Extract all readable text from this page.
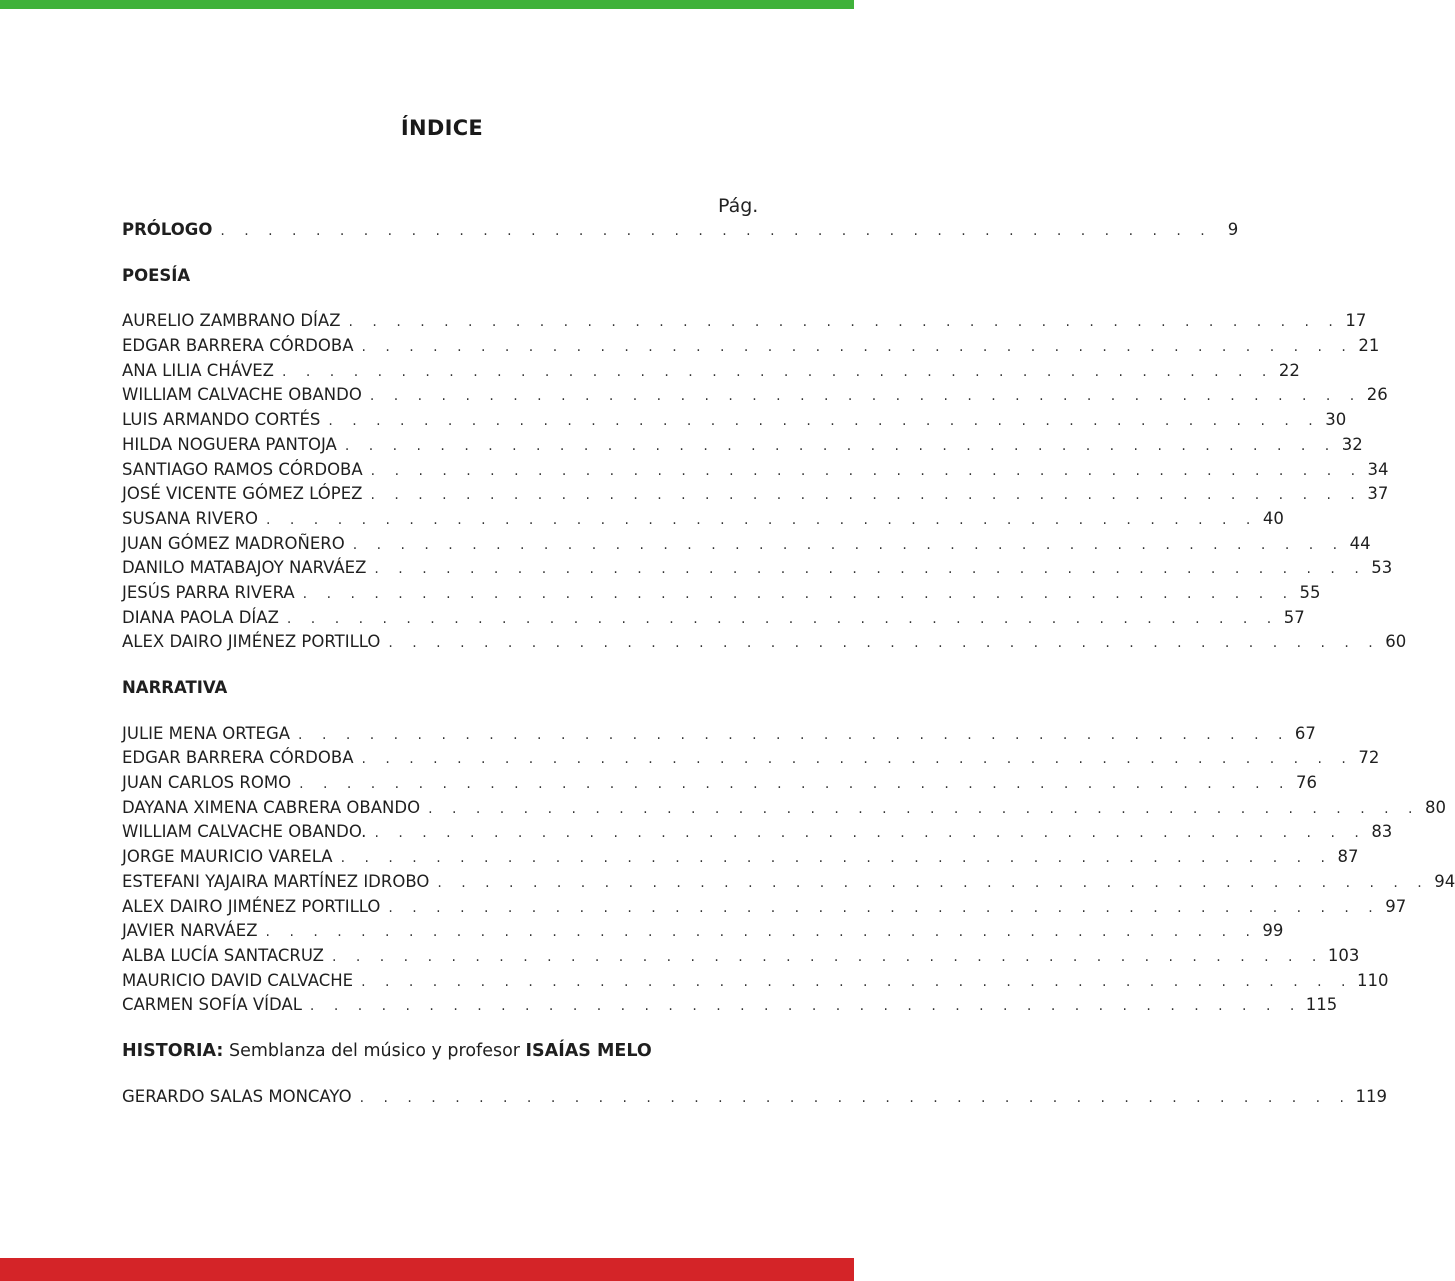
ÍNDICE
Pág.
PRÓLOGO . . . . . . . . . . . . . . . . . . . . . . . . . . . . . . . . . . . . . . . . . . 9
POESÍA
AURELIO ZAMBRANO DÍAZ . . . . . . . . . . . . . . . . . . . . . . . . . . . . . . . . . . . . . . . . . . 17
EDGAR BARRERA CÓRDOBA . . . . . . . . . . . . . . . . . . . . . . . . . . . . . . . . . . . . . . . . . . 21
ANA LILIA CHÁVEZ . . . . . . . . . . . . . . . . . . . . . . . . . . . . . . . . . . . . . . . . . . 22
WILLIAM CALVACHE OBANDO . . . . . . . . . . . . . . . . . . . . . . . . . . . . . . . . . . . . . . . . . . 26
LUIS ARMANDO CORTÉS . . . . . . . . . . . . . . . . . . . . . . . . . . . . . . . . . . . . . . . . . . 30
HILDA NOGUERA PANTOJA . . . . . . . . . . . . . . . . . . . . . . . . . . . . . . . . . . . . . . . . . . 32
SANTIAGO RAMOS CÓRDOBA . . . . . . . . . . . . . . . . . . . . . . . . . . . . . . . . . . . . . . . . . . 34
JOSÉ VICENTE GÓMEZ LÓPEZ . . . . . . . . . . . . . . . . . . . . . . . . . . . . . . . . . . . . . . . . . . 37
SUSANA RIVERO . . . . . . . . . . . . . . . . . . . . . . . . . . . . . . . . . . . . . . . . . . 40
JUAN GÓMEZ MADROÑERO . . . . . . . . . . . . . . . . . . . . . . . . . . . . . . . . . . . . . . . . . . 44
DANILO MATABAJOY NARVÁEZ . . . . . . . . . . . . . . . . . . . . . . . . . . . . . . . . . . . . . . . . . . 53
JESÚS PARRA RIVERA . . . . . . . . . . . . . . . . . . . . . . . . . . . . . . . . . . . . . . . . . . 55
DIANA PAOLA DÍAZ . . . . . . . . . . . . . . . . . . . . . . . . . . . . . . . . . . . . . . . . . . 57
ALEX DAIRO JIMÉNEZ PORTILLO . . . . . . . . . . . . . . . . . . . . . . . . . . . . . . . . . . . . . . . . . . 60
NARRATIVA
JULIE MENA ORTEGA . . . . . . . . . . . . . . . . . . . . . . . . . . . . . . . . . . . . . . . . . . 67
EDGAR BARRERA CÓRDOBA . . . . . . . . . . . . . . . . . . . . . . . . . . . . . . . . . . . . . . . . . . 72
JUAN CARLOS ROMO . . . . . . . . . . . . . . . . . . . . . . . . . . . . . . . . . . . . . . . . . . 76
DAYANA XIMENA CABRERA OBANDO . . . . . . . . . . . . . . . . . . . . . . . . . . . . . . . . . . . . . . . . . . 80
WILLIAM CALVACHE OBANDO. . . . . . . . . . . . . . . . . . . . . . . . . . . . . . . . . . . . . . . . . . . 83
JORGE MAURICIO VARELA . . . . . . . . . . . . . . . . . . . . . . . . . . . . . . . . . . . . . . . . . . 87
ESTEFANI YAJAIRA MARTÍNEZ IDROBO . . . . . . . . . . . . . . . . . . . . . . . . . . . . . . . . . . . . . . . . . . 94
ALEX DAIRO JIMÉNEZ PORTILLO . . . . . . . . . . . . . . . . . . . . . . . . . . . . . . . . . . . . . . . . . . 97
JAVIER NARVÁEZ . . . . . . . . . . . . . . . . . . . . . . . . . . . . . . . . . . . . . . . . . . 99
ALBA LUCÍA SANTACRUZ . . . . . . . . . . . . . . . . . . . . . . . . . . . . . . . . . . . . . . . . . . 103
MAURICIO DAVID CALVACHE . . . . . . . . . . . . . . . . . . . . . . . . . . . . . . . . . . . . . . . . . . 110
CARMEN SOFÍA VÍDAL . . . . . . . . . . . . . . . . . . . . . . . . . . . . . . . . . . . . . . . . . . 115
HISTORIA: Semblanza del músico y profesor ISAÍAS MELO
GERARDO SALAS MONCAYO . . . . . . . . . . . . . . . . . . . . . . . . . . . . . . . . . . . . . . . . . . 119
